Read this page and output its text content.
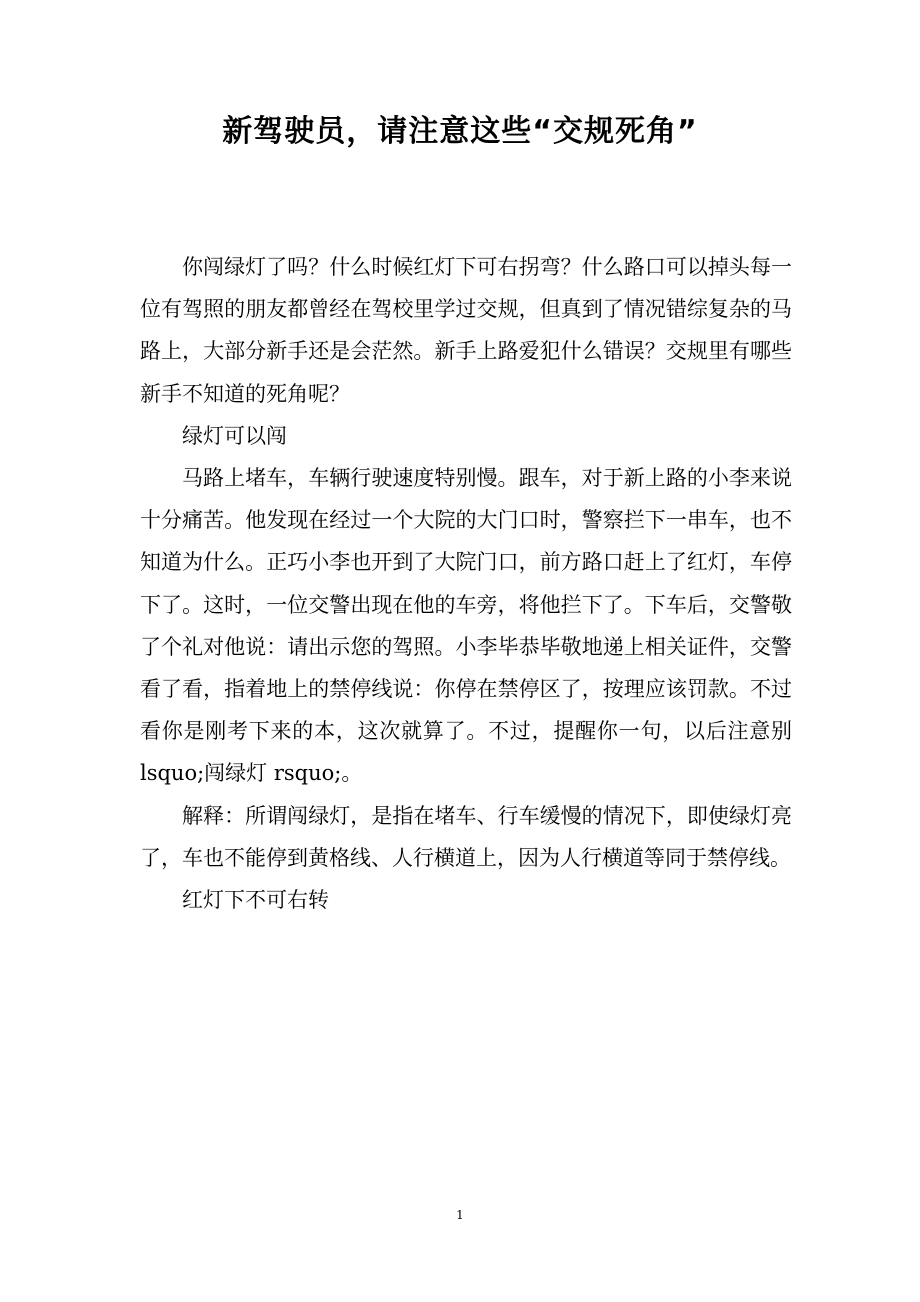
新驾驶员，请注意这些“交规死角”

你闯绿灯了吗？什么时候红灯下可右拐弯？什么路口可以掉头每一位有驾照的朋友都曾经在驾校里学过交规，但真到了情况错综复杂的马路上，大部分新手还是会茫然。新手上路爱犯什么错误？交规里有哪些新手不知道的死角呢？

绿灯可以闯

马路上堵车，车辆行驶速度特别慢。跟车，对于新上路的小李来说十分痛苦。他发现在经过一个大院的大门口时，警察拦下一串车，也不知道为什么。正巧小李也开到了大院门口，前方路口赶上了红灯，车停下了。这时，一位交警出现在他的车旁，将他拦下了。下车后，交警敬了个礼对他说：请出示您的驾照。小李毕恭毕敬地递上相关证件，交警看了看，指着地上的禁停线说：你停在禁停区了，按理应该罚款。不过看你是刚考下来的本，这次就算了。不过，提醒你一句，以后注意别 lsquo;闯绿灯 rsquo;。

解释：所谓闯绿灯，是指在堵车、行车缓慢的情况下，即使绿灯亮了，车也不能停到黄格线、人行横道上，因为人行横道等同于禁停线。

红灯下不可右转

1
